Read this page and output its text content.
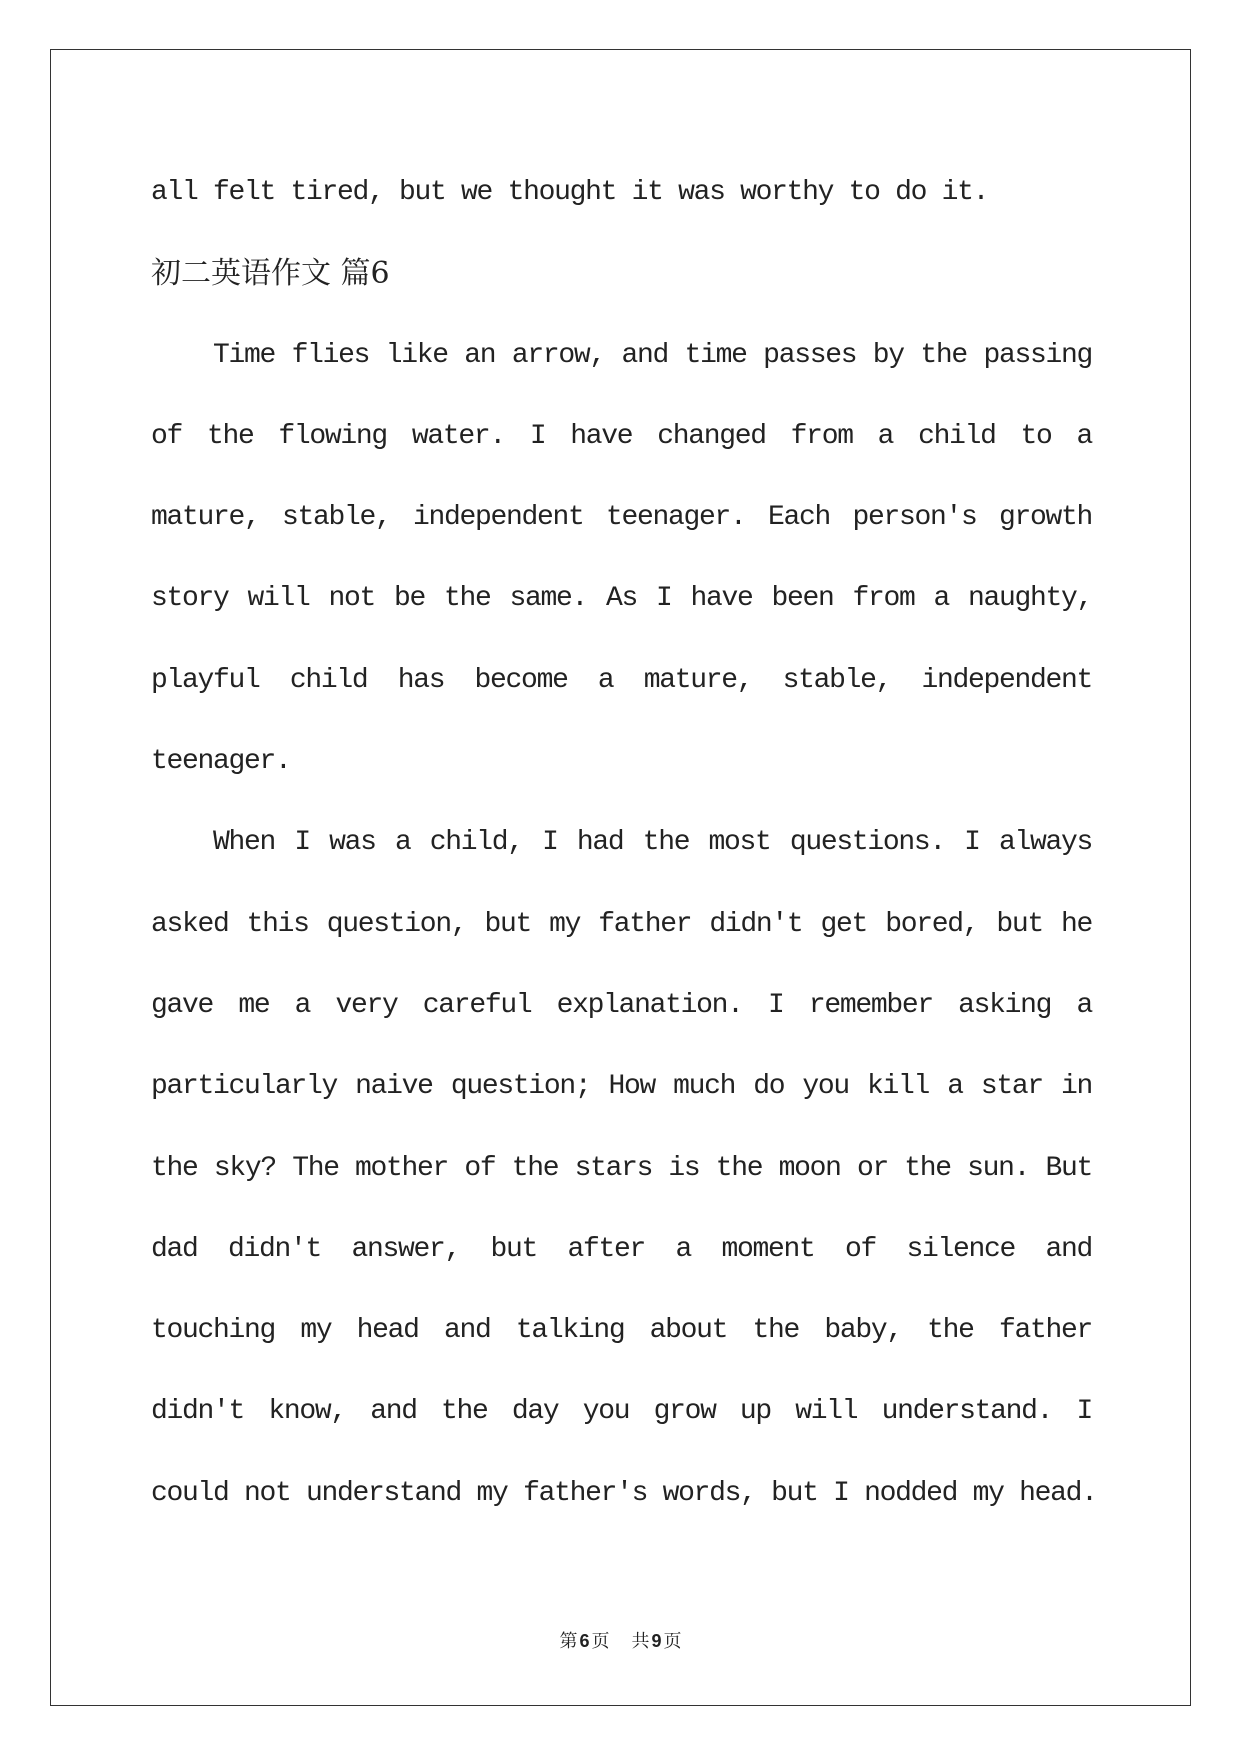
all felt tired, but we thought it was worthy to do it.
初二英语作文 篇6
Time flies like an arrow, and time passes by the passing
of the flowing water. I have changed from a child to a
mature, stable, independent teenager. Each person's growth
story will not be the same. As I have been from a naughty,
playful child has become a mature, stable, independent
teenager.
When I was a child, I had the most questions. I always
asked this question, but my father didn't get bored, but he
gave me a very careful explanation. I remember asking a
particularly naive question; How much do you kill a star in
the sky? The mother of the stars is the moon or the sun. But
dad didn't answer, but after a moment of silence and
touching my head and talking about the baby, the father
didn't know, and the day you grow up will understand. I
could not understand my father's words, but I nodded my head.
第 6 页 共 9 页
